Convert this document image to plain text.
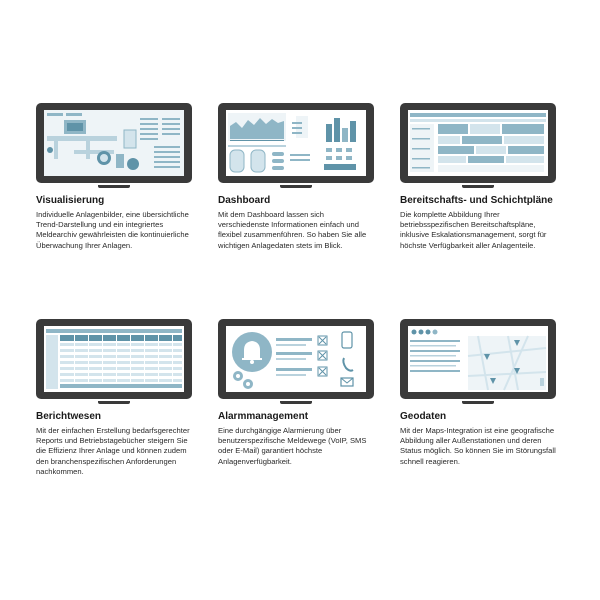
Visualisierung

Individuelle Anlagenbilder, eine übersichtliche Trend-Darstellung und ein integriertes Meldearchiv gewährleisten die kontinuierliche Überwachung Ihrer Anlagen.

Dashboard

Mit dem Dashboard lassen sich verschiedenste Informationen einfach und flexibel zusammenführen. So haben Sie alle wichtigen Anlagedaten stets im Blick.

Bereitschafts- und Schichtpläne

Die komplette Abbildung Ihrer betriebsspezifischen Bereitschaftspläne, inklusive Eskalationsmanagement, sorgt für höchste Verfügbarkeit aller Anlagenteile.

Berichtwesen

Mit der einfachen Erstellung bedarfsgerechter Reports und Betriebstagebücher steigern Sie die Effizienz Ihrer Anlage und können zudem den branchenspezifischen Anforderungen nachkommen.

Alarmmanagement

Eine durchgängige Alarmierung über benutzerspezifische Meldewege (VoIP, SMS oder E-Mail) garantiert höchste Anlagenverfügbarkeit.

Geodaten

Mit der Maps-Integration ist eine geografische Abbildung aller Außenstationen und deren Status möglich. So können Sie im Störungsfall schnell reagieren.
